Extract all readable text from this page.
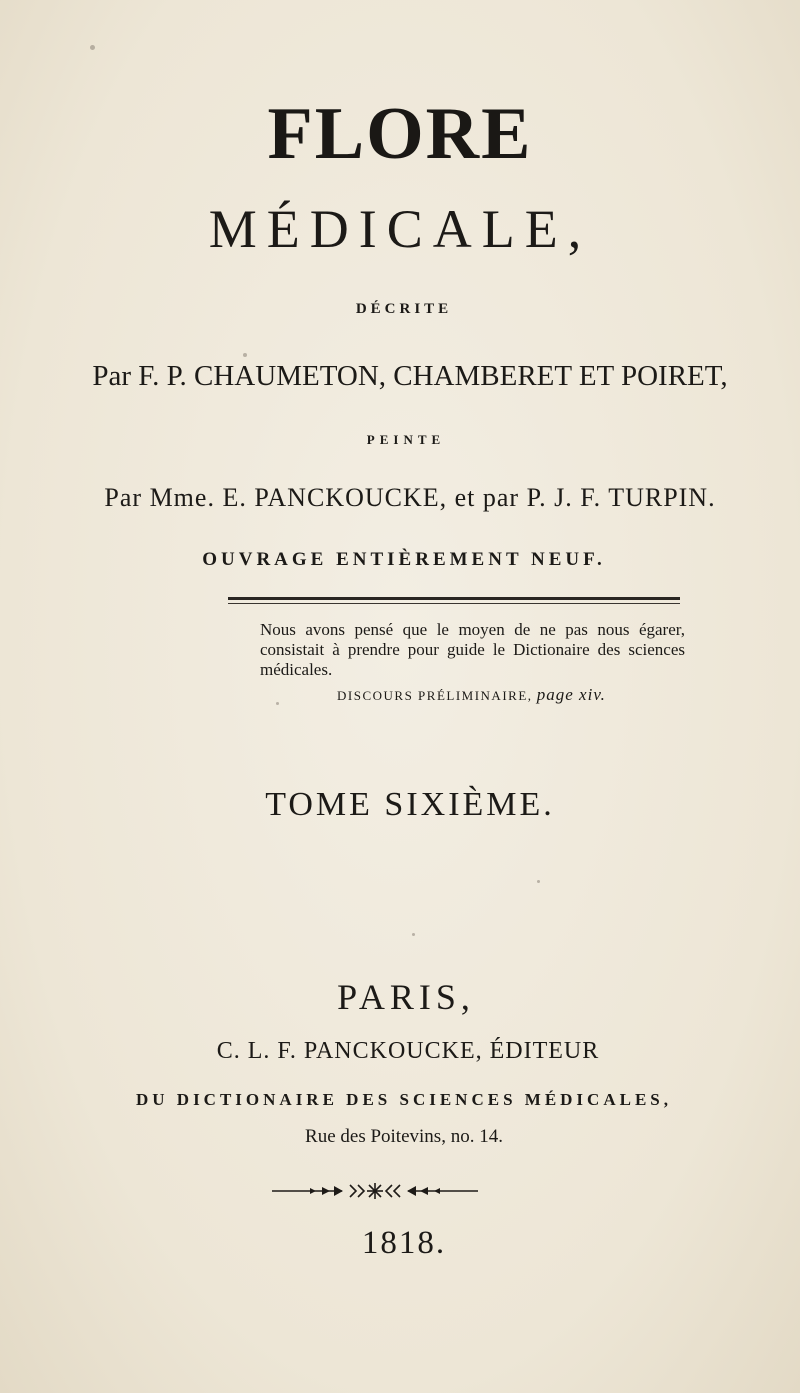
FLORE
MÉDICALE,
DÉCRITE
Par F. P. CHAUMETON, CHAMBERET ET POIRET,
PEINTE
Par Mme. E. PANCKOUCKE, et par P. J. F. TURPIN.
OUVRAGE ENTIÈREMENT NEUF.
Nous avons pensé que le moyen de ne pas nous égarer, consistait à prendre pour guide le Dictionaire des sciences médicales.
DISCOURS PRÉLIMINAIRE, page xiv.
TOME SIXIÈME.
PARIS,
C. L. F. PANCKOUCKE, ÉDITEUR
DU DICTIONAIRE DES SCIENCES MÉDICALES,
Rue des Poitevins, no. 14.
1818.
